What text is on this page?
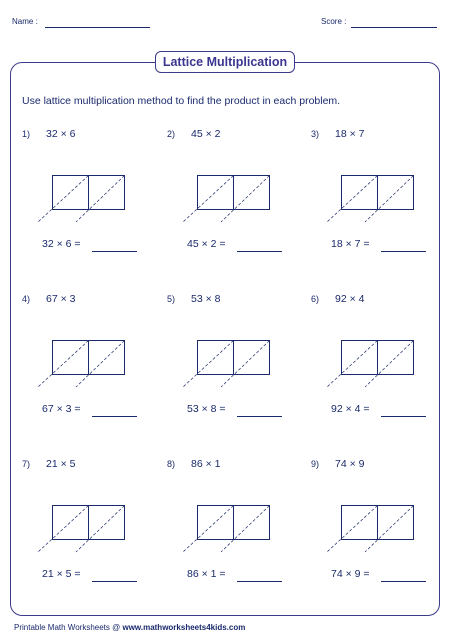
Name :	Score :
Lattice Multiplication
Use lattice multiplication method to find the product in each problem.
1) 32 × 6
32 × 6 =
2) 45 × 2
45 × 2 =
3) 18 × 7
18 × 7 =
4) 67 × 3
67 × 3 =
5) 53 × 8
53 × 8 =
6) 92 × 4
92 × 4 =
7) 21 × 5
21 × 5 =
8) 86 × 1
86 × 1 =
9) 74 × 9
74 × 9 =
Printable Math Worksheets @ www.mathworksheets4kids.com
